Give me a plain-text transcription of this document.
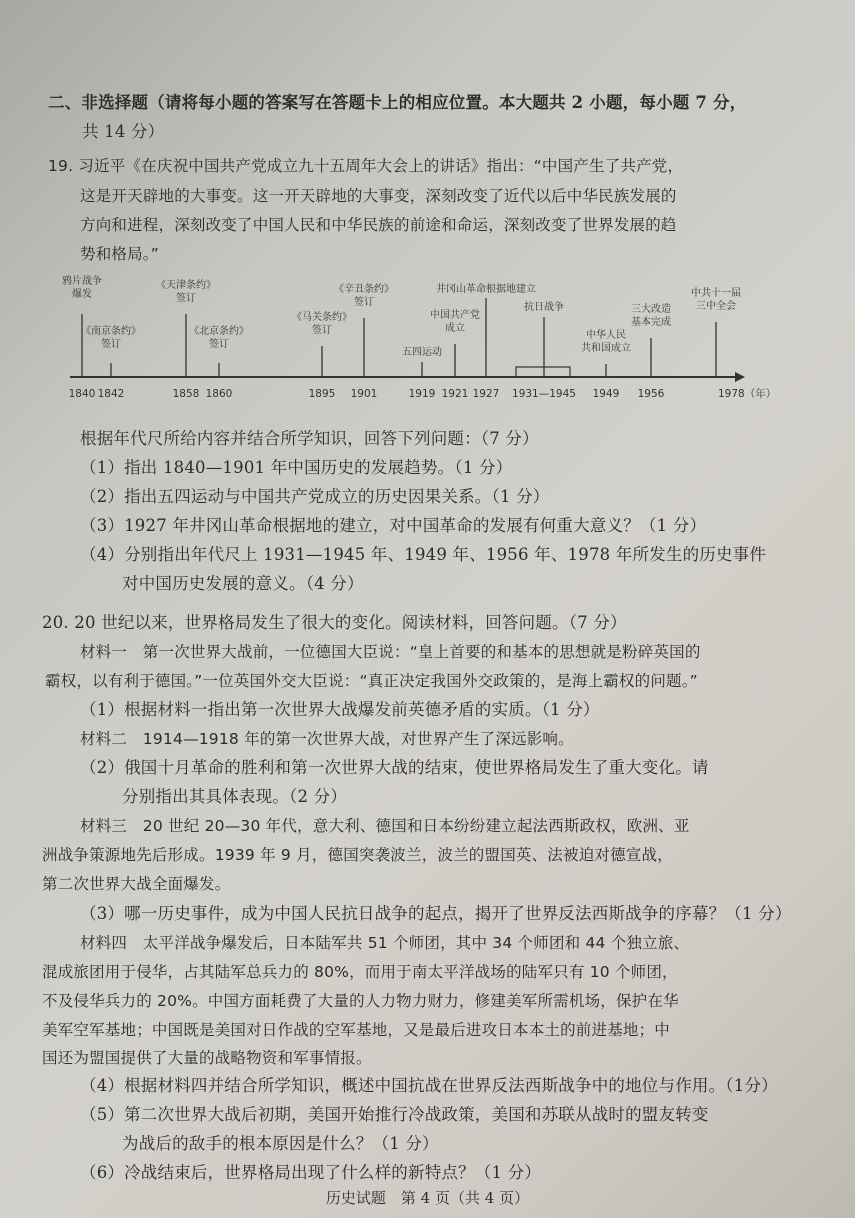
二、非选择题（请将每小题的答案写在答题卡上的相应位置。本大题共 2 小题，每小题 7 分，
共 14 分）
19. 习近平《在庆祝中国共产党成立九十五周年大会上的讲话》指出：“中国产生了共产党，
这是开天辟地的大事变。这一开天辟地的大事变，深刻改变了近代以后中华民族发展的
方向和进程，深刻改变了中国人民和中华民族的前途和命运，深刻改变了世界发展的趋
势和格局。”
鸦片战争
爆发
《南京条约》
签订
《天津条约》
签订
《北京条约》
签订
《辛丑条约》
签订
《马关条约》
签订
井冈山革命根据地建立
中国共产党
成立
五四运动
抗日战争
中华人民
共和国成立
三大改造
基本完成
中共十一届
三中全会
1840 1842	1858 1860	1895 1901	1919 1921 1927 1931—1945 1949 1956	1978（年）
根据年代尺所给内容并结合所学知识，回答下列问题：（7 分）
（1）指出 1840—1901 年中国历史的发展趋势。（1 分）
（2）指出五四运动与中国共产党成立的历史因果关系。（1 分）
（3）1927 年井冈山革命根据地的建立，对中国革命的发展有何重大意义？（1 分）
（4）分别指出年代尺上 1931—1945 年、1949 年、1956 年、1978 年所发生的历史事件
对中国历史发展的意义。（4 分）
20. 20 世纪以来，世界格局发生了很大的变化。阅读材料，回答问题。（7 分）
材料一　第一次世界大战前，一位德国大臣说：“皇上首要的和基本的思想就是粉碎英国的
霸权，以有利于德国。”一位英国外交大臣说：“真正决定我国外交政策的，是海上霸权的问题。”
（1）根据材料一指出第一次世界大战爆发前英德矛盾的实质。（1 分）
材料二　1914—1918 年的第一次世界大战，对世界产生了深远影响。
（2）俄国十月革命的胜利和第一次世界大战的结束，使世界格局发生了重大变化。请
分别指出其具体表现。（2 分）
材料三　20 世纪 20—30 年代，意大利、德国和日本纷纷建立起法西斯政权，欧洲、亚
洲战争策源地先后形成。1939 年 9 月，德国突袭波兰，波兰的盟国英、法被迫对德宣战，
第二次世界大战全面爆发。
（3）哪一历史事件，成为中国人民抗日战争的起点，揭开了世界反法西斯战争的序幕？（1 分）
材料四　太平洋战争爆发后，日本陆军共 51 个师团，其中 34 个师团和 44 个独立旅、
混成旅团用于侵华，占其陆军总兵力的 80%，而用于南太平洋战场的陆军只有 10 个师团，
不及侵华兵力的 20%。中国方面耗费了大量的人力物力财力，修建美军所需机场，保护在华
美军空军基地；中国既是美国对日作战的空军基地，又是最后进攻日本本土的前进基地；中
国还为盟国提供了大量的战略物资和军事情报。
（4）根据材料四并结合所学知识，概述中国抗战在世界反法西斯战争中的地位与作用。（1分）
（5）第二次世界大战后初期，美国开始推行冷战政策，美国和苏联从战时的盟友转变
为战后的敌手的根本原因是什么？（1 分）
（6）冷战结束后，世界格局出现了什么样的新特点？（1 分）
历史试题　第 4 页（共 4 页）
